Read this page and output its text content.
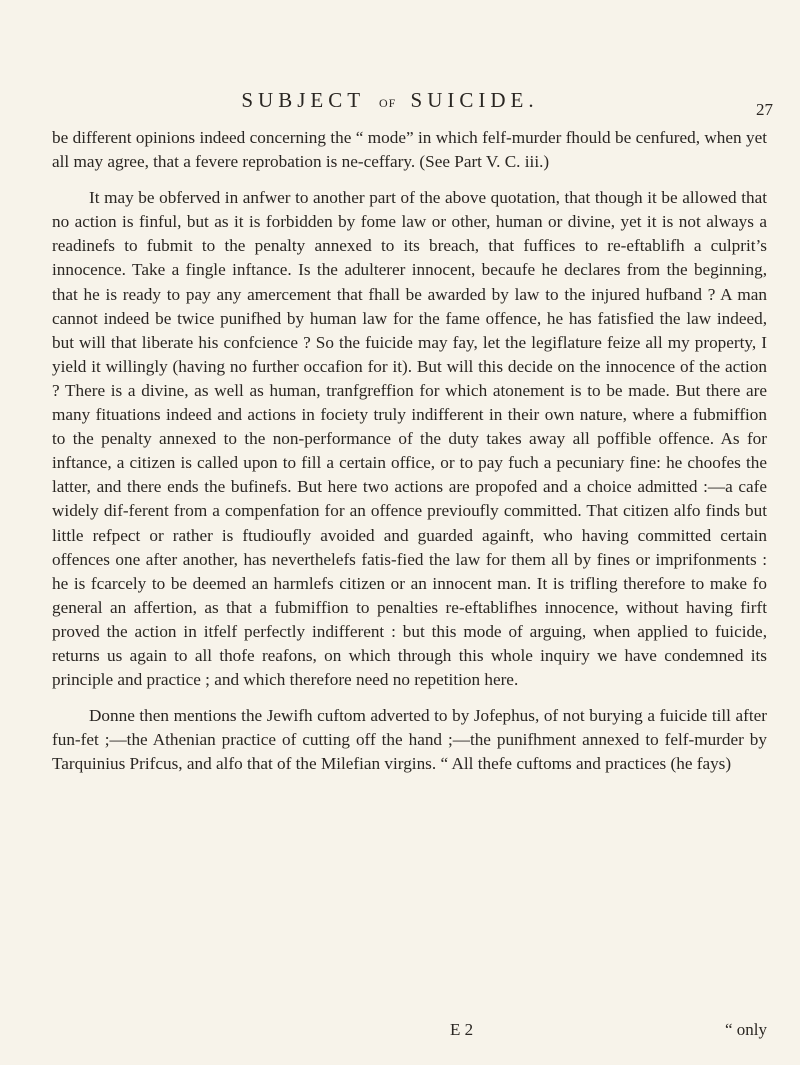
SUBJECT OF SUICIDE.	27

be different opinions indeed concerning the “ mode” in which felf-murder fhould be cenfured, when yet all may agree, that a fevere reprobation is ne-ceffary. (See Part V. C. iii.)

It may be obferved in anfwer to another part of the above quotation, that though it be allowed that no action is finful, but as it is forbidden by fome law or other, human or divine, yet it is not always a readinefs to fubmit to the penalty annexed to its breach, that fuffices to re-eftablifh a culprit’s innocence. Take a fingle inftance. Is the adulterer innocent, becaufe he declares from the beginning, that he is ready to pay any amercement that fhall be awarded by law to the injured hufband ? A man cannot indeed be twice punifhed by human law for the fame offence, he has fatisfied the law indeed, but will that liberate his confcience ? So the fuicide may fay, let the legiflature feize all my property, I yield it willingly (having no further occafion for it). But will this decide on the innocence of the action ? There is a divine, as well as human, tranfgreffion for which atonement is to be made. But there are many fituations indeed and actions in fociety truly indifferent in their own nature, where a fubmiffion to the penalty annexed to the non-performance of the duty takes away all poffible offence. As for inftance, a citizen is called upon to fill a certain office, or to pay fuch a pecuniary fine: he choofes the latter, and there ends the bufinefs. But here two actions are propofed and a choice admitted :—a cafe widely dif-ferent from a compenfation for an offence previoufly committed. That citizen alfo finds but little refpect or rather is ftudioufly avoided and guarded againft, who having committed certain offences one after another, has neverthelefs fatis-fied the law for them all by fines or imprifonments : he is fcarcely to be deemed an harmlefs citizen or an innocent man. It is trifling therefore to make fo general an affertion, as that a fubmiffion to penalties re-eftablifhes innocence, without having firft proved the action in itfelf perfectly indifferent : but this mode of arguing, when applied to fuicide, returns us again to all thofe reafons, on which through this whole inquiry we have condemned its principle and practice ; and which therefore need no repetition here.

Donne then mentions the Jewifh cuftom adverted to by Jofephus, of not burying a fuicide till after fun-fet ;—the Athenian practice of cutting off the hand ;—the punifhment annexed to felf-murder by Tarquinius Prifcus, and alfo that of the Milefian virgins. “ All thefe cuftoms and practices (he fays)

E 2	“ only
